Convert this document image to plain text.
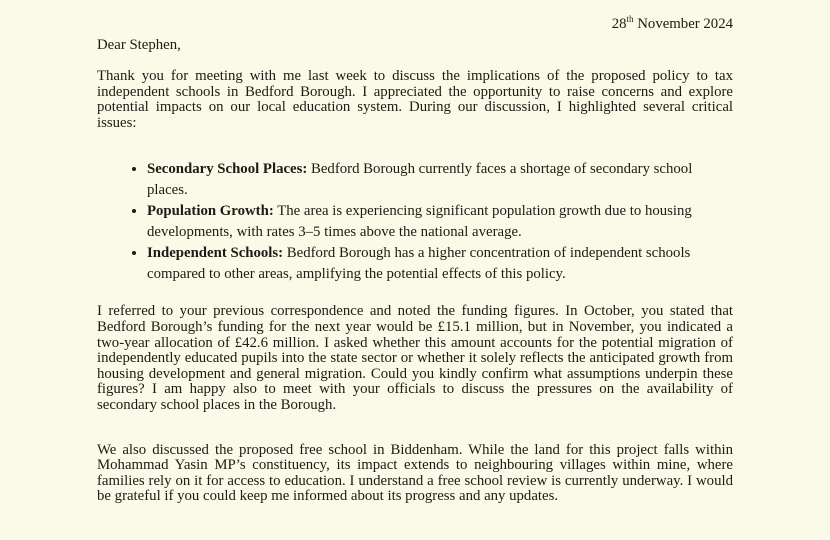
28th November 2024

Dear Stephen,

Thank you for meeting with me last week to discuss the implications of the proposed policy to tax independent schools in Bedford Borough. I appreciated the opportunity to raise concerns and explore potential impacts on our local education system. During our discussion, I highlighted several critical issues:

• Secondary School Places: Bedford Borough currently faces a shortage of secondary school places.
• Population Growth: The area is experiencing significant population growth due to housing developments, with rates 3–5 times above the national average.
• Independent Schools: Bedford Borough has a higher concentration of independent schools compared to other areas, amplifying the potential effects of this policy.

I referred to your previous correspondence and noted the funding figures. In October, you stated that Bedford Borough’s funding for the next year would be £15.1 million, but in November, you indicated a two-year allocation of £42.6 million. I asked whether this amount accounts for the potential migration of independently educated pupils into the state sector or whether it solely reflects the anticipated growth from housing development and general migration. Could you kindly confirm what assumptions underpin these figures? I am happy also to meet with your officials to discuss the pressures on the availability of secondary school places in the Borough.

We also discussed the proposed free school in Biddenham. While the land for this project falls within Mohammad Yasin MP’s constituency, its impact extends to neighbouring villages within mine, where families rely on it for access to education. I understand a free school review is currently underway. I would be grateful if you could keep me informed about its progress and any updates.
